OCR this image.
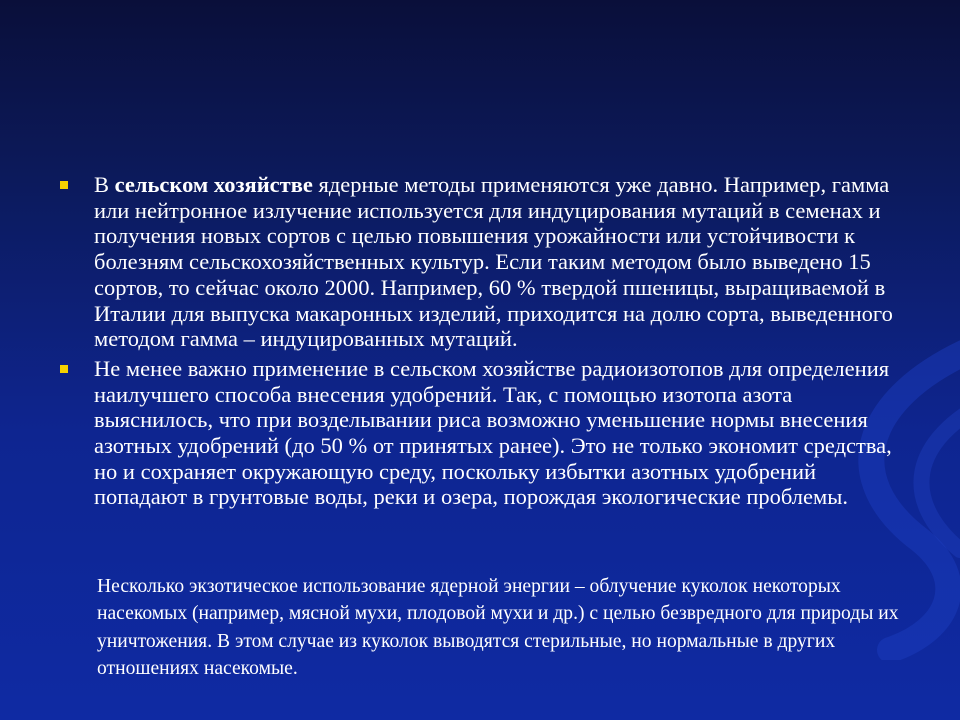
В сельском хозяйстве ядерные методы применяются уже давно. Например, гамма или нейтронное излучение используется для индуцирования мутаций в семенах и получения новых сортов с целью повышения урожайности или устойчивости к болезням сельскохозяйственных культур. Если таким методом было выведено 15 сортов, то сейчас около 2000. Например, 60 % твердой пшеницы, выращиваемой в Италии для выпуска макаронных изделий, приходится на долю сорта, выведенного методом гамма – индуцированных мутаций.
Не менее важно применение в сельском хозяйстве радиоизотопов для определения наилучшего способа внесения удобрений. Так, с помощью изотопа азота выяснилось, что при возделывании риса возможно уменьшение нормы внесения азотных удобрений (до 50 % от принятых ранее). Это не только экономит средства, но и сохраняет окружающую среду, поскольку избытки азотных удобрений попадают в грунтовые воды, реки и озера, порождая экологические проблемы.
Несколько экзотическое использование ядерной энергии – облучение куколок некоторых насекомых (например, мясной мухи, плодовой мухи и др.) с целью безвредного для природы их уничтожения. В этом случае из куколок выводятся стерильные, но нормальные в других отношениях насекомые.
